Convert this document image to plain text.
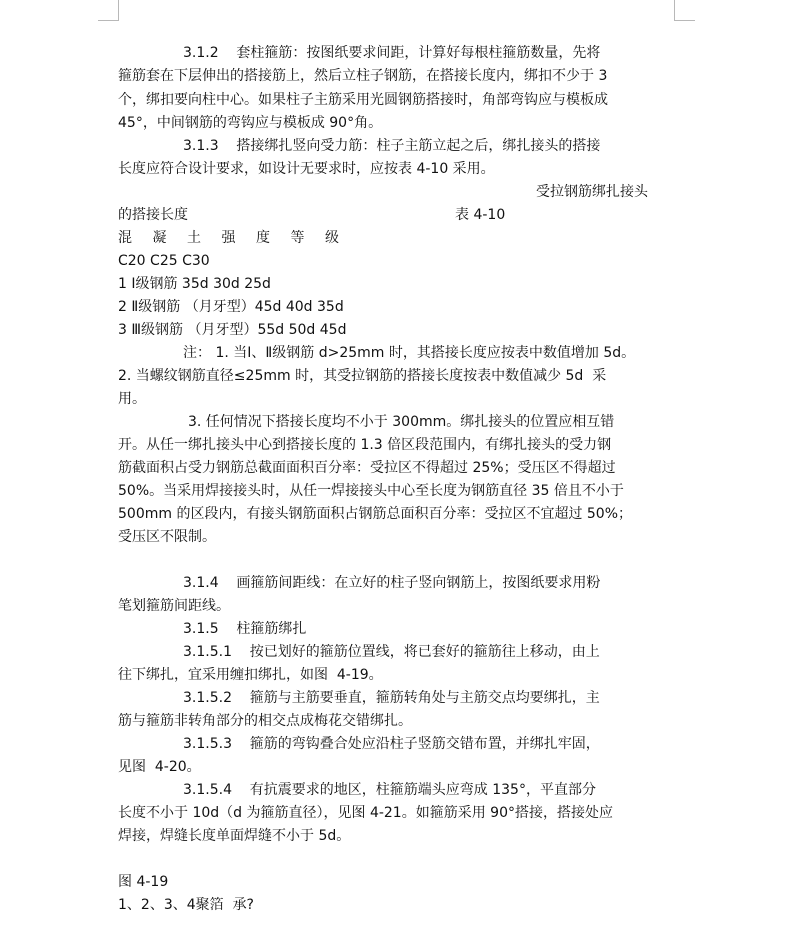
3.1.2    套柱箍筋：按图纸要求间距，计算好每根柱箍筋数量，先将

箍筋套在下层伸出的搭接筋上，然后立柱子钢筋，在搭接长度内，绑扣不少于 3

个，绑扣要向柱中心。如果柱子主筋采用光圆钢筋搭接时，角部弯钩应与模板成

45°，中间钢筋的弯钩应与模板成 90°角。

3.1.3    搭接绑扎竖向受力筋：柱子主筋立起之后，绑扎接头的搭接

长度应符合设计要求，如设计无要求时，应按表 4-10 采用。

受拉钢筋绑扎接头

的搭接长度	表 4-10

混凝土强度等级

C20 C25 C30

1 Ⅰ级钢筋 35d 30d 25d

2 Ⅱ级钢筋 （月牙型）45d 40d 35d

3 Ⅲ级钢筋 （月牙型）55d 50d 45d

注： 1. 当Ⅰ、Ⅱ级钢筋 d>25mm 时，其搭接长度应按表中数值增加 5d。

2. 当螺纹钢筋直径≤25mm 时，其受拉钢筋的搭接长度按表中数值减少 5d  采

用。

3. 任何情况下搭接长度均不小于 300mm。绑扎接头的位置应相互错

开。从任一绑扎接头中心到搭接长度的 1.3 倍区段范围内，有绑扎接头的受力钢

筋截面积占受力钢筋总截面面积百分率：受拉区不得超过 25%；受压区不得超过

50%。当采用焊接接头时，从任一焊接接头中心至长度为钢筋直径 35 倍且不小于

500mm 的区段内，有接头钢筋面积占钢筋总面积百分率：受拉区不宜超过 50%；

受压区不限制。

3.1.4    画箍筋间距线：在立好的柱子竖向钢筋上，按图纸要求用粉

笔划箍筋间距线。

3.1.5    柱箍筋绑扎

3.1.5.1    按已划好的箍筋位置线，将已套好的箍筋往上移动，由上

往下绑扎，宜采用缠扣绑扎，如图  4-19。

3.1.5.2    箍筋与主筋要垂直，箍筋转角处与主筋交点均要绑扎，主

筋与箍筋非转角部分的相交点成梅花交错绑扎。

3.1.5.3    箍筋的弯钩叠合处应沿柱子竖筋交错布置，并绑扎牢固，

见图  4-20。

3.1.5.4    有抗震要求的地区，柱箍筋端头应弯成 135°，平直部分

长度不小于 10d（d 为箍筋直径），见图 4-21。如箍筋采用 90°搭接，搭接处应

焊接，焊缝长度单面焊缝不小于 5d。

图 4-19

1、2、3、4聚箔  承?
